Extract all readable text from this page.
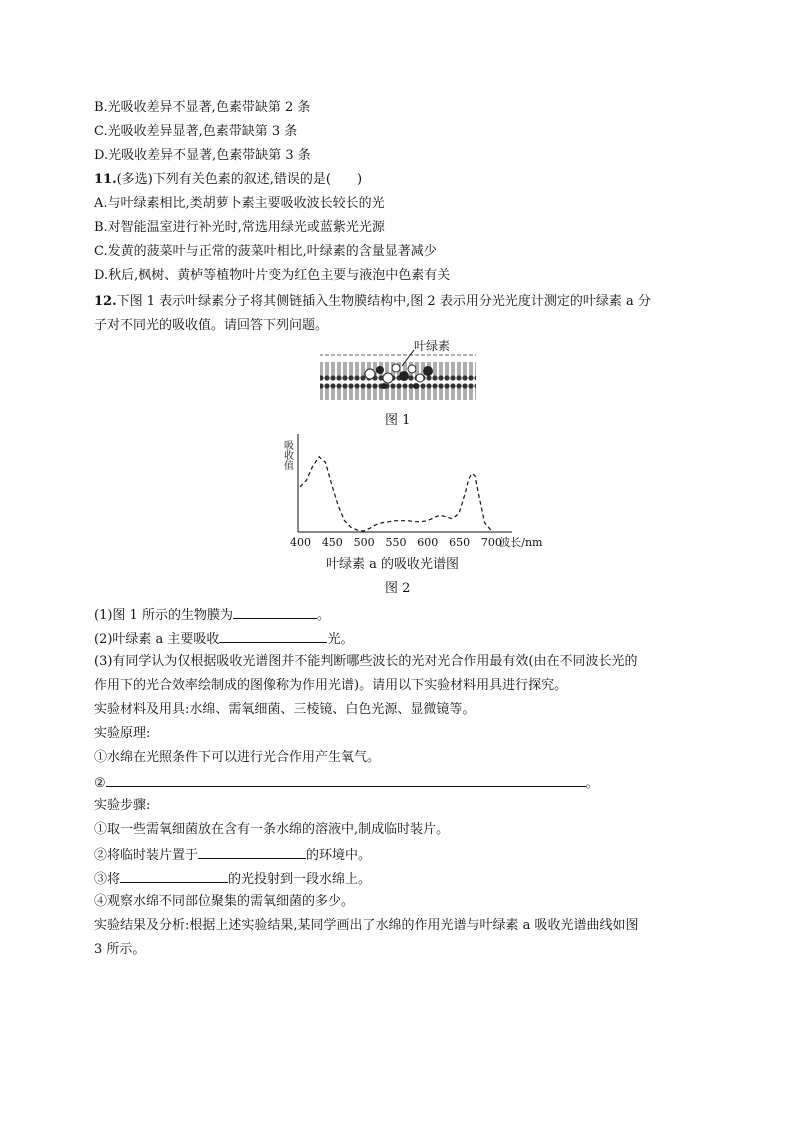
B.光吸收差异不显著,色素带缺第 2 条
C.光吸收差异显著,色素带缺第 3 条
D.光吸收差异不显著,色素带缺第 3 条
11.(多选)下列有关色素的叙述,错误的是(　　)
A.与叶绿素相比,类胡萝卜素主要吸收波长较长的光
B.对智能温室进行补光时,常选用绿光或蓝紫光光源
C.发黄的菠菜叶与正常的菠菜叶相比,叶绿素的含量显著减少
D.秋后,枫树、黄栌等植物叶片变为红色主要与液泡中色素有关
12.下图 1 表示叶绿素分子将其侧链插入生物膜结构中,图 2 表示用分光光度计测定的叶绿素 a 分
子对不同光的吸收值。请回答下列问题。
叶绿素
图 1
吸收值
400 450 500 550 600 650 700
波长/nm
叶绿素 a 的吸收光谱图
图 2
(1)图 1 所示的生物膜为	。
(2)叶绿素 a 主要吸收	光。
(3)有同学认为仅根据吸收光谱图并不能判断哪些波长的光对光合作用最有效(由在不同波长光的
作用下的光合效率绘制成的图像称为作用光谱)。请用以下实验材料用具进行探究。
实验材料及用具:水绵、需氧细菌、三棱镜、白色光源、显微镜等。
实验原理:
①水绵在光照条件下可以进行光合作用产生氧气。
②	。
实验步骤:
①取一些需氧细菌放在含有一条水绵的溶液中,制成临时装片。
②将临时装片置于	的环境中。
③将	的光投射到一段水绵上。
④观察水绵不同部位聚集的需氧细菌的多少。
实验结果及分析:根据上述实验结果,某同学画出了水绵的作用光谱与叶绿素 a 吸收光谱曲线如图
3 所示。
